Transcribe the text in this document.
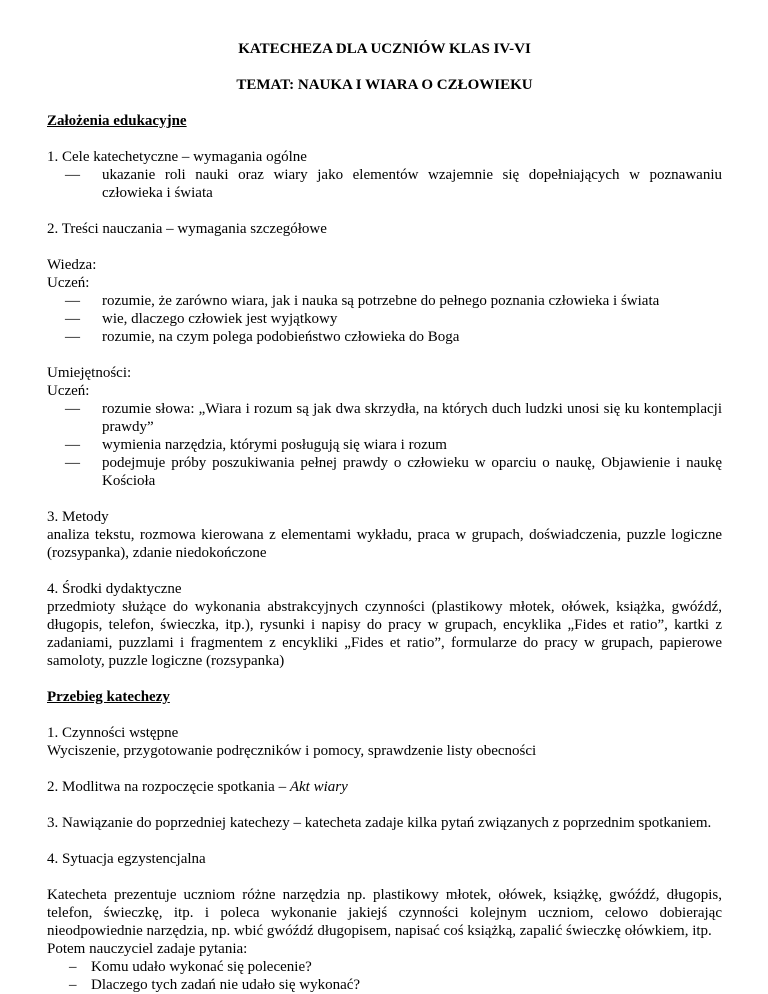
KATECHEZA DLA UCZNIÓW KLAS IV-VI

TEMAT: NAUKA I WIARA O CZŁOWIEKU

Założenia edukacyjne

1. Cele katechetyczne – wymagania ogólne

— ukazanie roli nauki oraz wiary jako elementów wzajemnie się dopełniających w poznawaniu człowieka i świata

2. Treści nauczania – wymagania szczegółowe

Wiedza:

Uczeń:

— rozumie, że zarówno wiara, jak i nauka są potrzebne do pełnego poznania człowieka i świata
— wie, dlaczego człowiek jest wyjątkowy
— rozumie, na czym polega podobieństwo człowieka do Boga

Umiejętności:

Uczeń:

— rozumie słowa: „Wiara i rozum są jak dwa skrzydła, na których duch ludzki unosi się ku kontemplacji prawdy”
— wymienia narzędzia, którymi posługują się wiara i rozum
— podejmuje próby poszukiwania pełnej prawdy o człowieku w oparciu o naukę, Objawienie i naukę Kościoła

3. Metody

analiza tekstu, rozmowa kierowana z elementami wykładu, praca w grupach, doświadczenia, puzzle logiczne (rozsypanka), zdanie niedokończone

4. Środki dydaktyczne

przedmioty służące do wykonania abstrakcyjnych czynności (plastikowy młotek, ołówek, książka, gwóźdź, długopis, telefon, świeczka, itp.), rysunki i napisy do pracy w grupach, encyklika „Fides et ratio”, kartki z zadaniami, puzzlami i fragmentem z encykliki „Fides et ratio”, formularze do pracy w grupach, papierowe samoloty, puzzle logiczne (rozsypanka)

Przebieg katechezy

1. Czynności wstępne

Wyciszenie, przygotowanie podręczników i pomocy, sprawdzenie listy obecności

2. Modlitwa na rozpoczęcie spotkania – Akt wiary

3. Nawiązanie do poprzedniej katechezy – katecheta zadaje kilka pytań związanych z poprzednim spotkaniem.

4. Sytuacja egzystencjalna

Katecheta prezentuje uczniom różne narzędzia np. plastikowy młotek, ołówek, książkę, gwóźdź, długopis, telefon, świeczkę, itp. i poleca wykonanie jakiejś czynności kolejnym uczniom, celowo dobierając nieodpowiednie narzędzia, np. wbić gwóźdź długopisem, napisać coś książką, zapalić świeczkę ołówkiem, itp.

Potem nauczyciel zadaje pytania:

– Komu udało wykonać się polecenie?
– Dlaczego tych zadań nie udało się wykonać?
